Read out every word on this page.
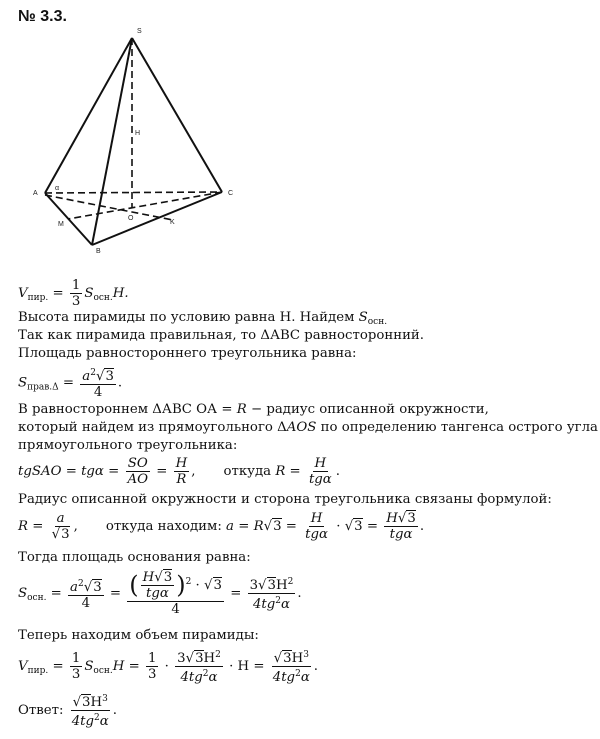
№ 3.3.
S
H
A
α
C
M
O
K
B
$V_{пир.} = \frac{1}{3} S_{осн.}H$.
Высота пирамиды по условию равна Н. Найдем $S_{осн.}$
Так как пирамида правильная, то ΔАВС равносторонний.
Площадь равностороннего треугольника равна:
$S_{прав.\Delta} = \frac{a^2√3}{4}$ .
В равностороннем ΔАВС ОА = R − радиус описанной окружности,
который найдем из прямоугольного ΔAOS по определению тангенса острого угла
прямоугольного треугольника:
tgSAO = $tg\alpha = \frac{SO}{AO} = \frac{H}{R}$ , откуда $R = \frac{H}{\text{tgα}}$ .
Радиус описанной окружности и сторона треугольника связаны формулой:
$R = \frac{a}{√3}$ , откуда находим: $a = R√3 = \frac{H}{\text{tgα}} \cdot √3 = \frac{H√3}{\text{tgα}}$ .
Тогда площадь основания равна:
$S_{осн.} = \frac{a^2√3}{4} = \frac{( \frac{H√3}{\text{tgα}} )^2 \cdot √3}{4} = \frac{3√3H^2}{4tg^2\alpha}$ .
Теперь находим объем пирамиды:
$V_{пир.} = \frac{1}{3} S_{осн.}H = \frac{1}{3} \cdot \frac{3√3H^2}{4tg^2\alpha} \cdot Н = \frac{√3H^3}{4tg^2\alpha}$ .
Ответ: $\frac{√3H^3}{4tg^2\alpha}$ .
